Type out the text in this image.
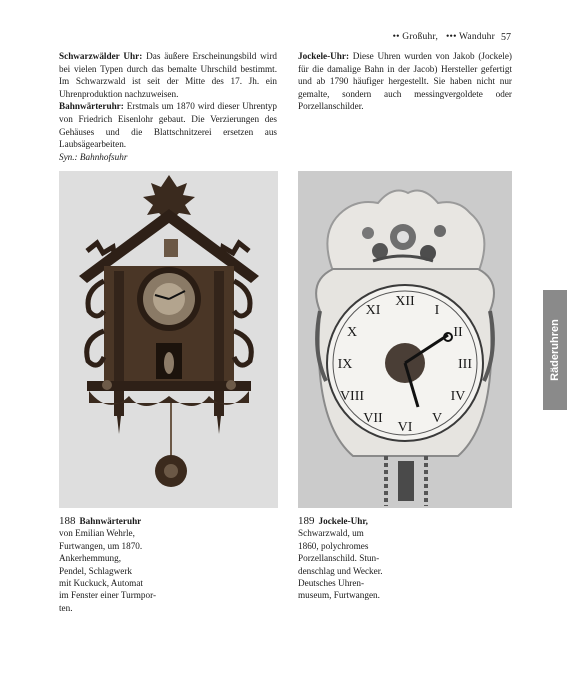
•• Großuhr, ••• Wanduhr 57

Schwarzwälder Uhr: Das äußere Erscheinungsbild wird bei vielen Typen durch das bemalte Uhrschild bestimmt. Im Schwarzwald ist seit der Mitte des 17. Jh. ein Uhrenproduktion nachzuweisen.

Bahnwärteruhr: Erstmals um 1870 wird dieser Uhrentyp von Friedrich Eisenlohr gebaut. Die Verzierungen des Gehäuses und die Blattschnitzerei ersetzen aus Laubsägearbeiten.

Syn.: Bahnhofsuhr

Jockele-Uhr: Diese Uhren wurden von Jakob (Jockele) für die damalige Bahn in der Jacob) Hersteller gefertigt und ab 1790 häufiger hergestellt. Sie haben nicht nur gemalte, sondern auch messingvergoldete oder Porzellanschilder.

XII
I
II
III
IV
V
VI
VII
VIII
IX
X
XI
188 Bahnwärteruhr
von Emilian Wehrle,
Furtwangen, um 1870.
Ankerhemmung,
Pendel, Schlagwerk
mit Kuckuck, Automat
im Fenster einer Turmpor-
ten.
189 Jockele-Uhr,
Schwarzwald, um
1860, polychromes
Porzellanschild. Stun-
denschlag und Wecker.
Deutsches Uhren-
museum, Furtwangen.
Räderuhren
